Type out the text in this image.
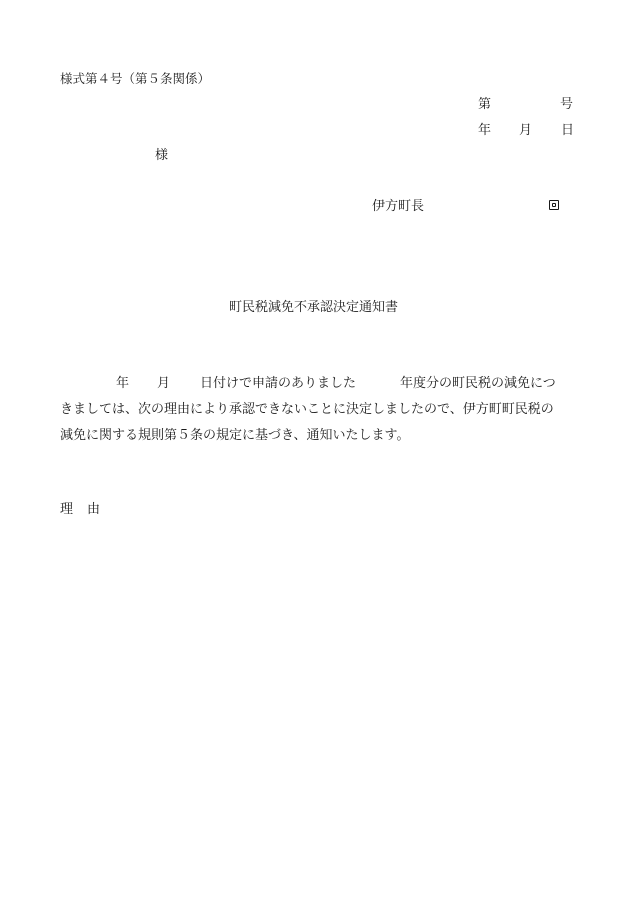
様式第４号（第５条関係）
第	号
年 月 日
様
伊方町長
町民税減免不承認決定通知書
年 月 日付けで申請のありました	年度分の町民税の減免につ
きましては、次の理由により承認できないことに決定しましたので、伊方町町民税の
減免に関する規則第５条の規定に基づき、通知いたします。
理 由
